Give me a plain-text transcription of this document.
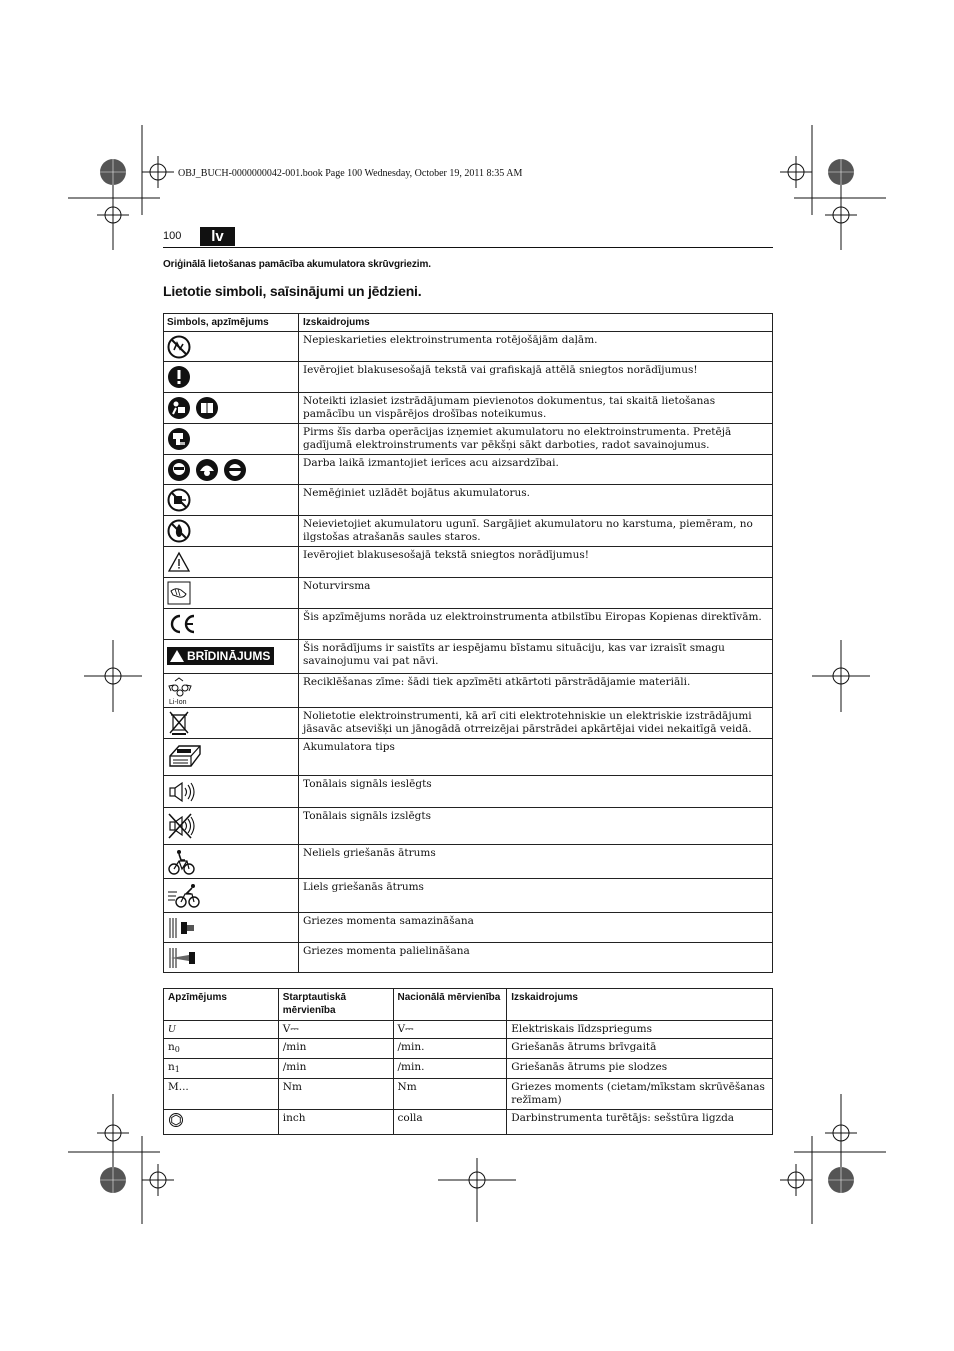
OBJ_BUCH-0000000042-001.book Page 100 Wednesday, October 19, 2011 8:35 AM
100	lv
Oriģinālā lietošanas pamācība akumulatora skrūvgriezim.
Lietotie simboli, saīsinājumi un jēdzieni.
Simbols, apzīmējums	Izskaidrojums

	Nepieskarieties elektroinstrumenta rotējošājām daļām.

	Ievērojiet blakusesošajā tekstā vai grafiskajā attēlā sniegtos norādījumus!

	Noteikti izlasiet izstrādājumam pievienotos dokumentus, tai skaitā lietošanas pamācību un vispārējos drošības noteikumus.

	Pirms šīs darba operācijas izņemiet akumulatoru no elektroinstrumenta. Pretējā gadījumā elektroinstruments var pēkšņi sākt darboties, radot savainojumus.

	Darba laikā izmantojiet ierīces acu aizsardzībai.

	Nemēģiniet uzlādēt bojātus akumulatorus.

	Neievietojiet akumulatoru ugunī. Sargājiet akumulatoru no karstuma, piemēram, no ilgstošas atrašanās saules staros.

	Ievērojiet blakusesošajā tekstā sniegtos norādījumus!

	Noturvirsma

	Šis apzīmējums norāda uz elektroinstrumenta atbilstību Eiropas Kopienas direktīvām.

BRĪDINĀJUMS	Šis norādījums ir saistīts ar iespējamu bīstamu situāciju, kas var izraisīt smagu savainojumu vai pat nāvi.

Li-Ion	Reciklēšanas zīme: šādi tiek apzīmēti atkārtoti pārstrādājamie materiāli.

	Nolietotie elektroinstrumenti, kā arī citi elektrotehniskie un elektriskie izstrādājumi jāsavāc atsevišķi un jānogādā otrreizējai pārstrādei apkārtējai videi nekaitīgā veidā.

	Akumulatora tips

	Tonālais signāls ieslēgts

	Tonālais signāls izslēgts

	Neliels griešanās ātrums

	Liels griešanās ātrums

	Griezes momenta samazināšana

	Griezes momenta palielināšana
Apzīmējums	Starptautiskā mērvienība	Nacionālā mērvienība	Izskaidrojums
U	V⎓	V⎓	Elektriskais līdzspriegums
$n_0$	/min	/min.	Griešanās ātrums brīvgaitā
$n_1$	/min	/min.	Griešanās ātrums pie slodzes
M...	Nm	Nm	Griezes moments (cietam/mīkstam skrūvēšanas režīmam)
	inch	colla	Darbinstrumenta turētājs: sešstūra ligzda
